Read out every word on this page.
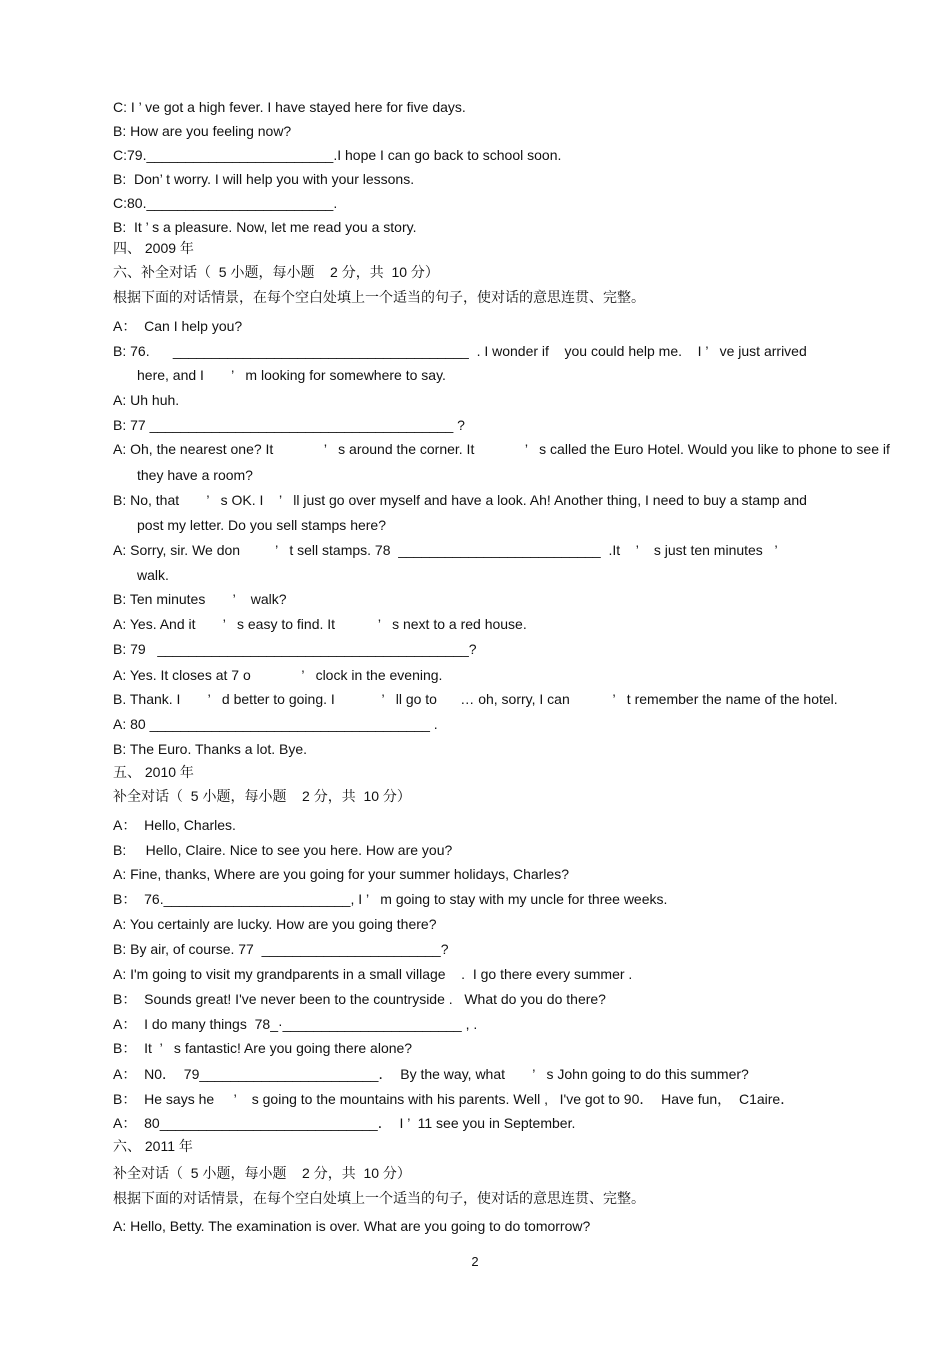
C: I ’ ve got a high fever. I have stayed here for five days.
B: How are you feeling now?
C:79.________________________.I hope I can go back to school soon.
B:  Don’ t worry. I will help you with your lessons.
C:80.________________________.
B:  It ’ s a pleasure. Now, let me read you a story.
四、 2009 年
六、补全对话（  5 小题，每小题    2 分，共  10 分）
根据下面的对话情景，在每个空白处填上一个适当的句子，使对话的意思连贯、完整。
A：  Can I help you?
B: 76.      ______________________________________  . I wonder if    you could help me.    I ’   ve just arrived
here, and I       ’   m looking for somewhere to say.
A: Uh huh.
B: 77 _______________________________________ ?
A: Oh, the nearest one? It             ’   s around the corner. It             ’   s called the Euro Hotel. Would you like to phone to see if
they have a room?
B: No, that       ’   s OK. I    ’   ll just go over myself and have a look. Ah! Another thing, I need to buy a stamp and
post my letter. Do you sell stamps here?
A: Sorry, sir. We don         ’   t sell stamps. 78  __________________________  .It    ’    s just ten minutes   ’
walk.
B: Ten minutes       ’    walk?
A: Yes. And it       ’   s easy to find. It           ’   s next to a red house.
B: 79   ________________________________________?
A: Yes. It closes at 7 o             ’   clock in the evening.
B. Thank. I       ’   d better to going. I            ’   ll go to      … oh, sorry, I can           ’   t remember the name of the hotel.
A: 80 ____________________________________ .
B: The Euro. Thanks a lot. Bye.
五、 2010 年
补全对话（  5 小题，每小题    2 分，共  10 分）
A：  Hello, Charles.
B:     Hello, Claire. Nice to see you here. How are you?
A: Fine, thanks, Where are you going for your summer holidays, Charles?
B：  76.________________________, I ’   m going to stay with my uncle for three weeks.
A: You certainly are lucky. How are you going there?
B: By air, of course. 77  _______________________?
A: I'm going to visit my grandparents in a small village    .  I go there every summer .
B：  Sounds great! I've never been to the countryside .   What do you do there?
A：  I do many things  78_·_______________________ , .
B：  It  ’   s fantastic! Are you going there alone?
A：  N0．  79_______________________．  By the way, what       ’   s John going to do this summer?
B：  He says he     ’    s going to the mountains with his parents. Well ,   I've got to 90．  Have fun，  C1aire．
A：  80____________________________．  I ’  11 see you in September.
六、 2011 年
补全对话（  5 小题，每小题    2 分，共  10 分）
根据下面的对话情景，在每个空白处填上一个适当的句子，使对话的意思连贯、完整。
A: Hello, Betty. The examination is over. What are you going to do tomorrow?
2
